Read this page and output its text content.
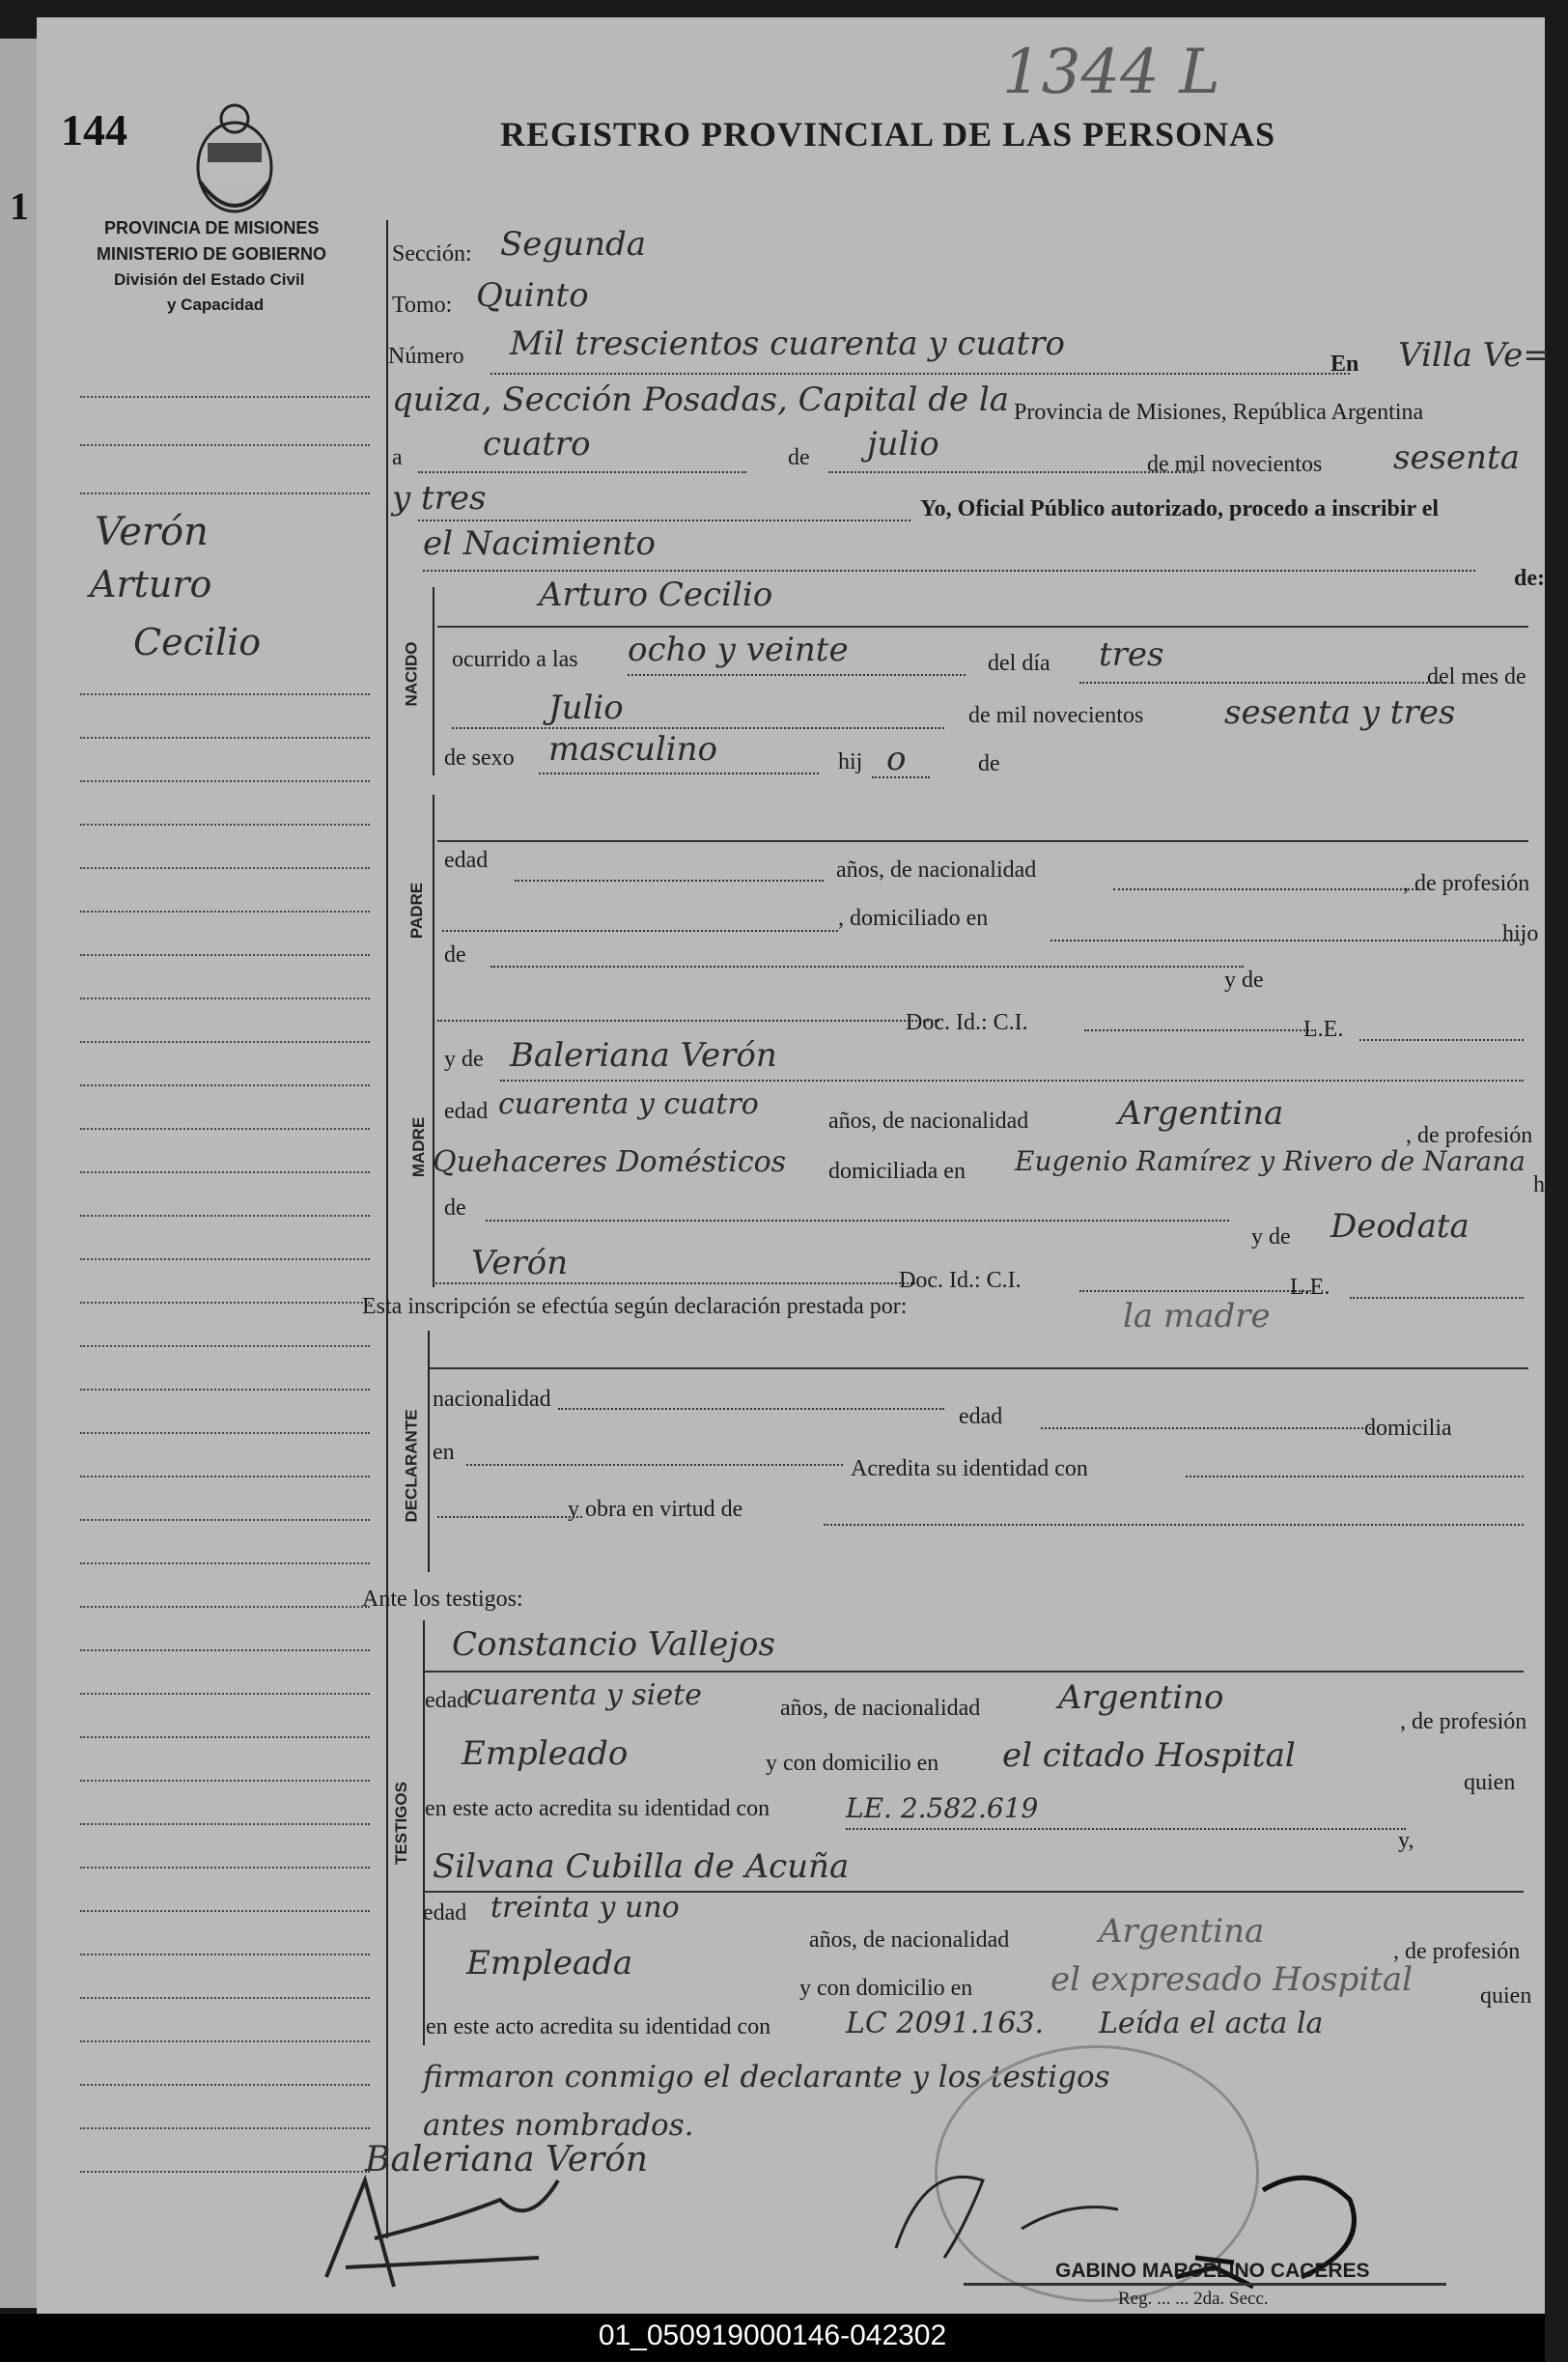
1
144	REGISTRO PROVINCIAL DE LAS PERSONAS
1344 L
PROVINCIA DE MISIONES
MINISTERIO DE GOBIERNO
División del Estado Civil
y Capacidad
Verón
Arturo
Cecilio
Sección: Segunda
Tomo: Quinto
Número Mil trescientos cuarenta y cuatro
En Villa Ve=
quiza, Sección Posadas, Capital de la Provincia de Misiones, República Argentina
a cuatro	de julio
de mil novecientos sesenta
y tres	Yo, Oficial Público autorizado, procedo a inscribir el
el Nacimiento
de:
NACIDO
Arturo Cecilio
ocurrido a las ocho y veinte	del día tres
del mes de
Julio	de mil novecientos sesenta y tres
de sexo masculino	hij o	de
PADRE
edad	años, de nacionalidad
, de profesión
, domiciliado en
hijo
de
y de
Doc. Id.: C.I.	L.E.
MADRE
y de Baleriana Verón
edad cuarenta y cuatro	años, de nacionalidad	Argentina
, de profesión
Quehaceres Domésticos domiciliada en Eugenio Ramírez y Rivero de Narana
hija
de
y de Deodata
Verón	Doc. Id.: C.I.	L.E.
Esta inscripción se efectúa según declaración prestada por:	la madre
DECLARANTE
nacionalidad
edad	domicilia
en
Acredita su identidad con
y obra en virtud de
Ante los testigos:
TESTIGOS
Constancio Vallejos
edad
cuarenta y siete	años, de nacionalidad Argentino
, de profesión
Empleado	y con domicilio en el citado Hospital
quien
en este acto acredita su identidad con	LE. 2.582.619
y,
Silvana Cubilla de Acuña
edad treinta y uno
años, de nacionalidad	Argentina
, de profesión
Empleada
y con domicilio en el expresado Hospital	quien
en este acto acredita su identidad con	LC 2091.163. Leída el acta la
firmaron conmigo el declarante y los testigos
antes nombrados.
Baleriana Verón
GABINO MARCELINO CACERES
Reg. ... ... 2da. Secc.
01_050919000146-042302
